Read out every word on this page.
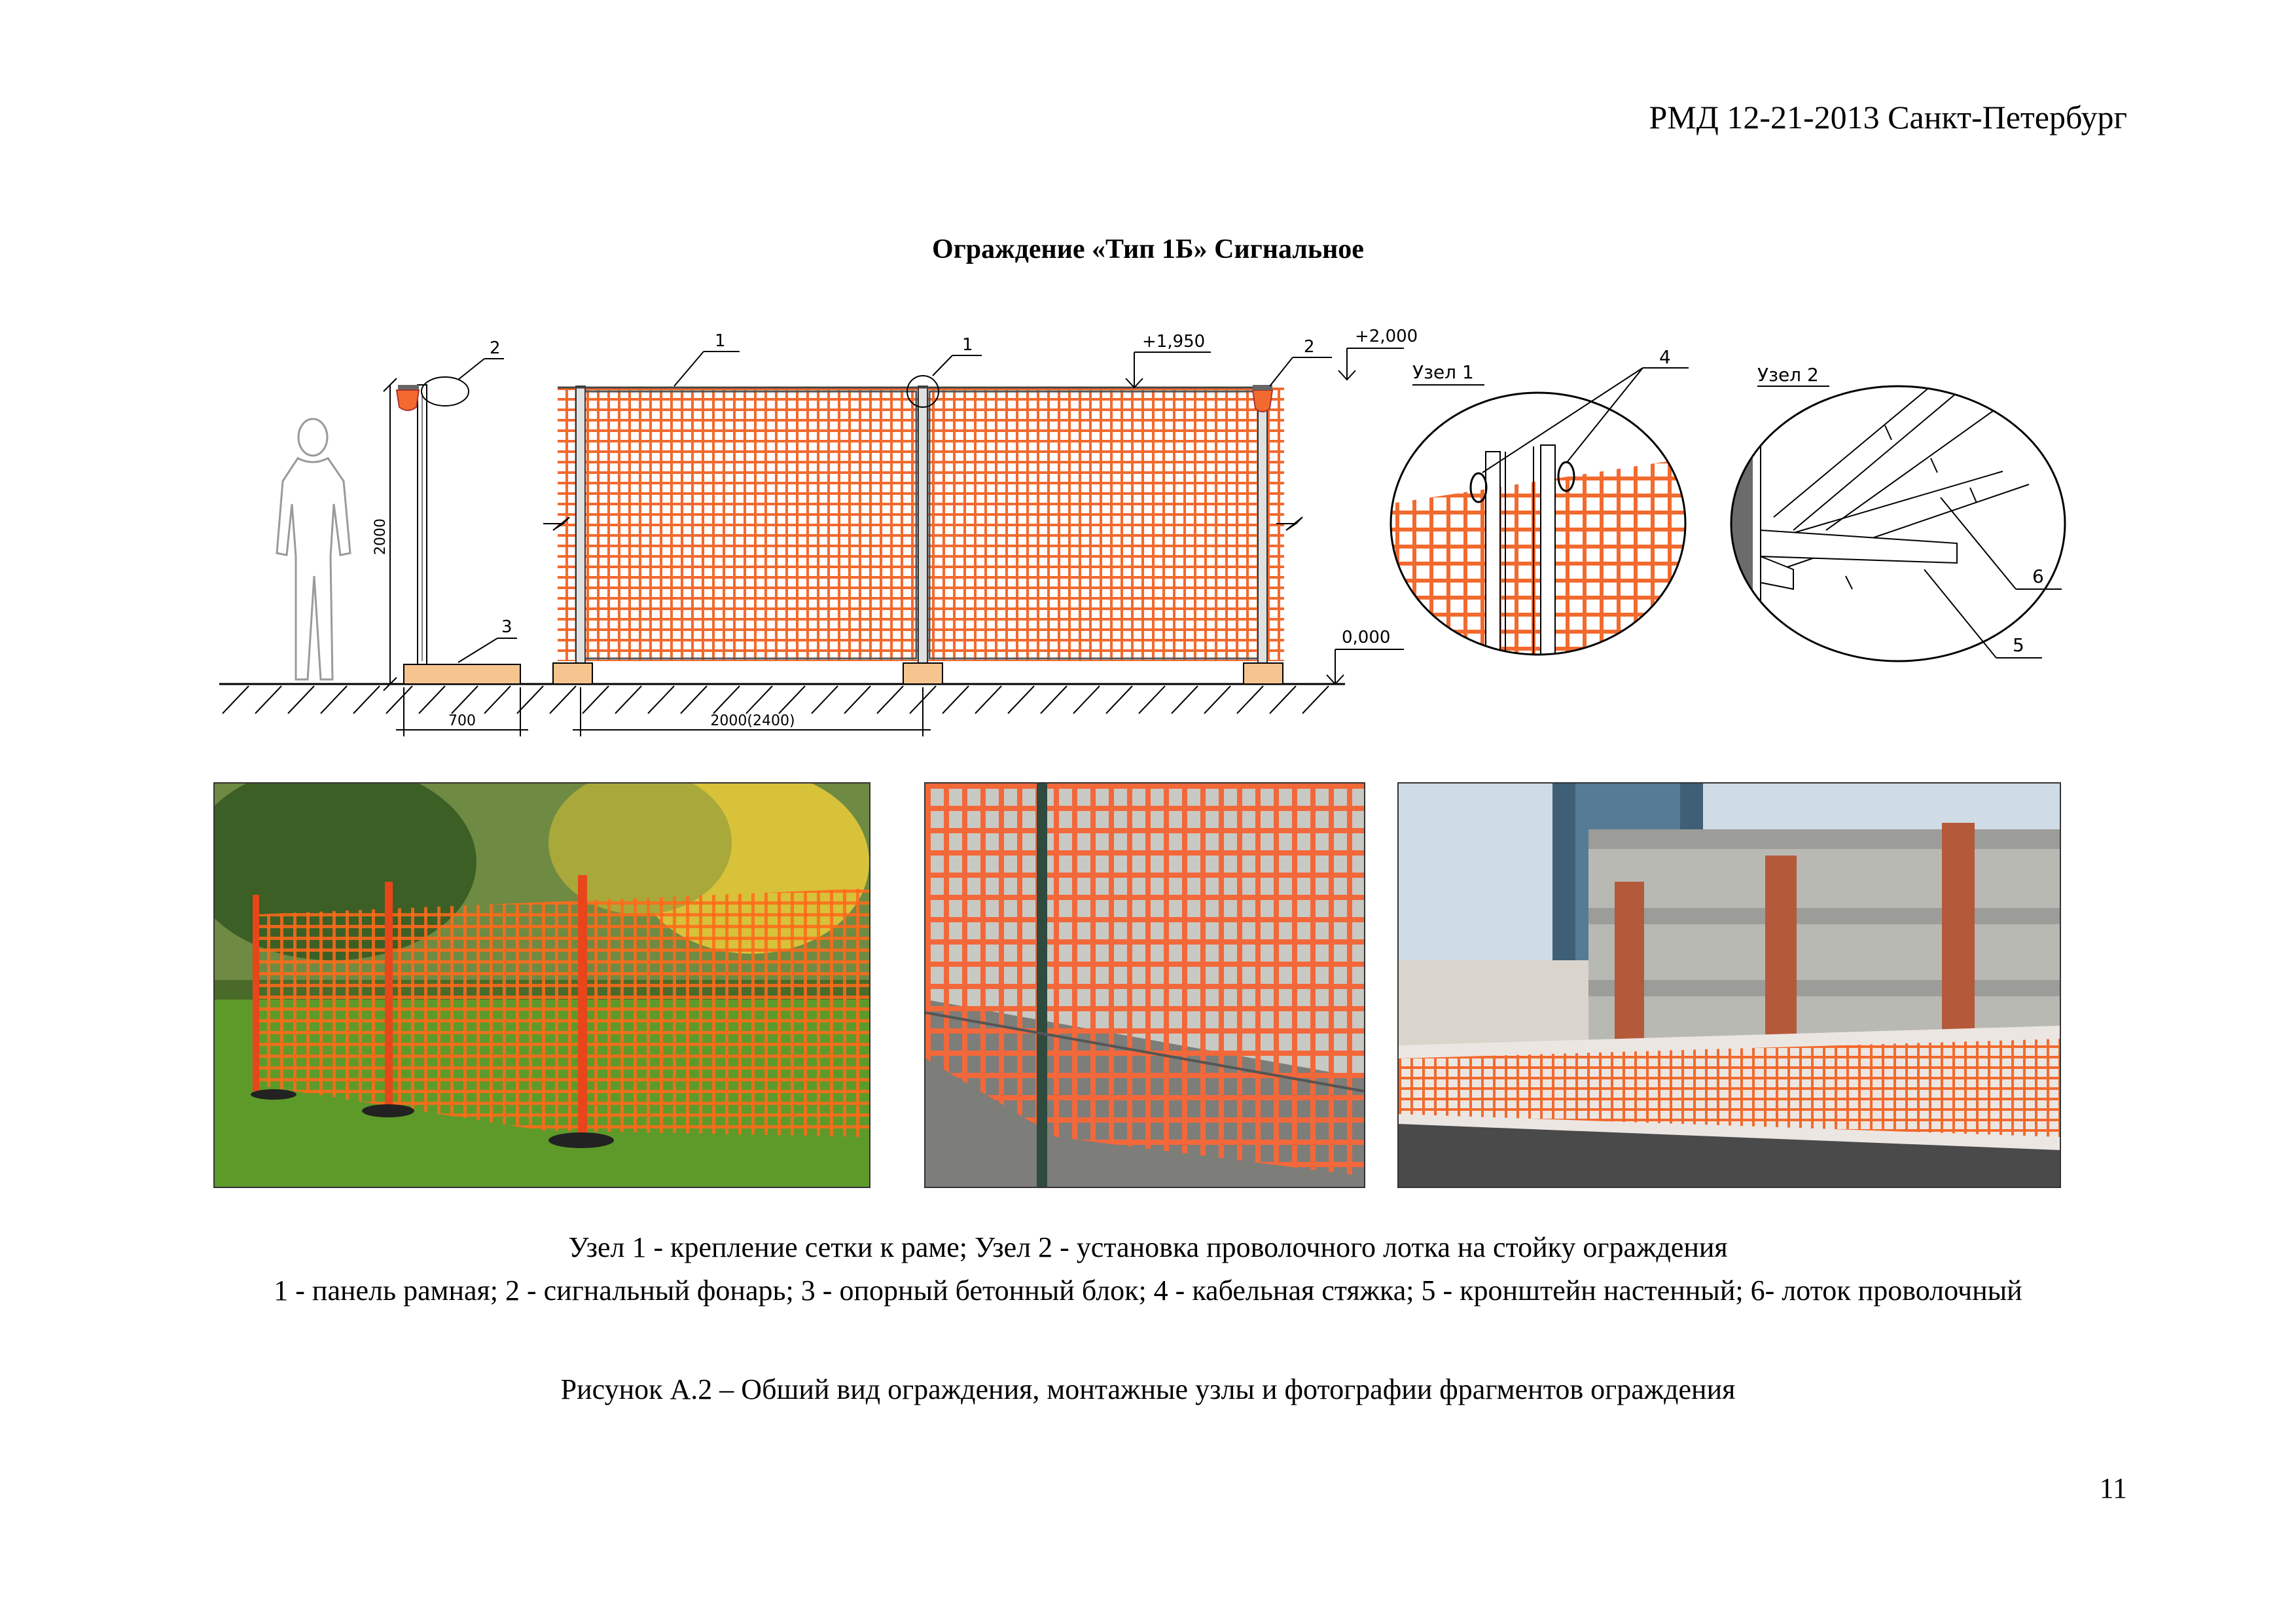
РМД 12-21-2013 Санкт-Петербург
Ограждение «Тип 1Б» Сигнальное
2000
700
2
3
2000(2400)
1	1	+1,950	2
+2,000
0,000
Узел 1
4
Узел 2
6
5
Узел 1 - крепление сетки к раме; Узел 2 - установка проволочного лотка на стойку ограждения
1 - панель рамная; 2 - сигнальный фонарь; 3 - опорный бетонный блок; 4 - кабельная стяжка; 5 - кронштейн настенный; 6- лоток проволочный
Рисунок А.2 – Обший вид ограждения, монтажные узлы и фотографии фрагментов ограждения
11
